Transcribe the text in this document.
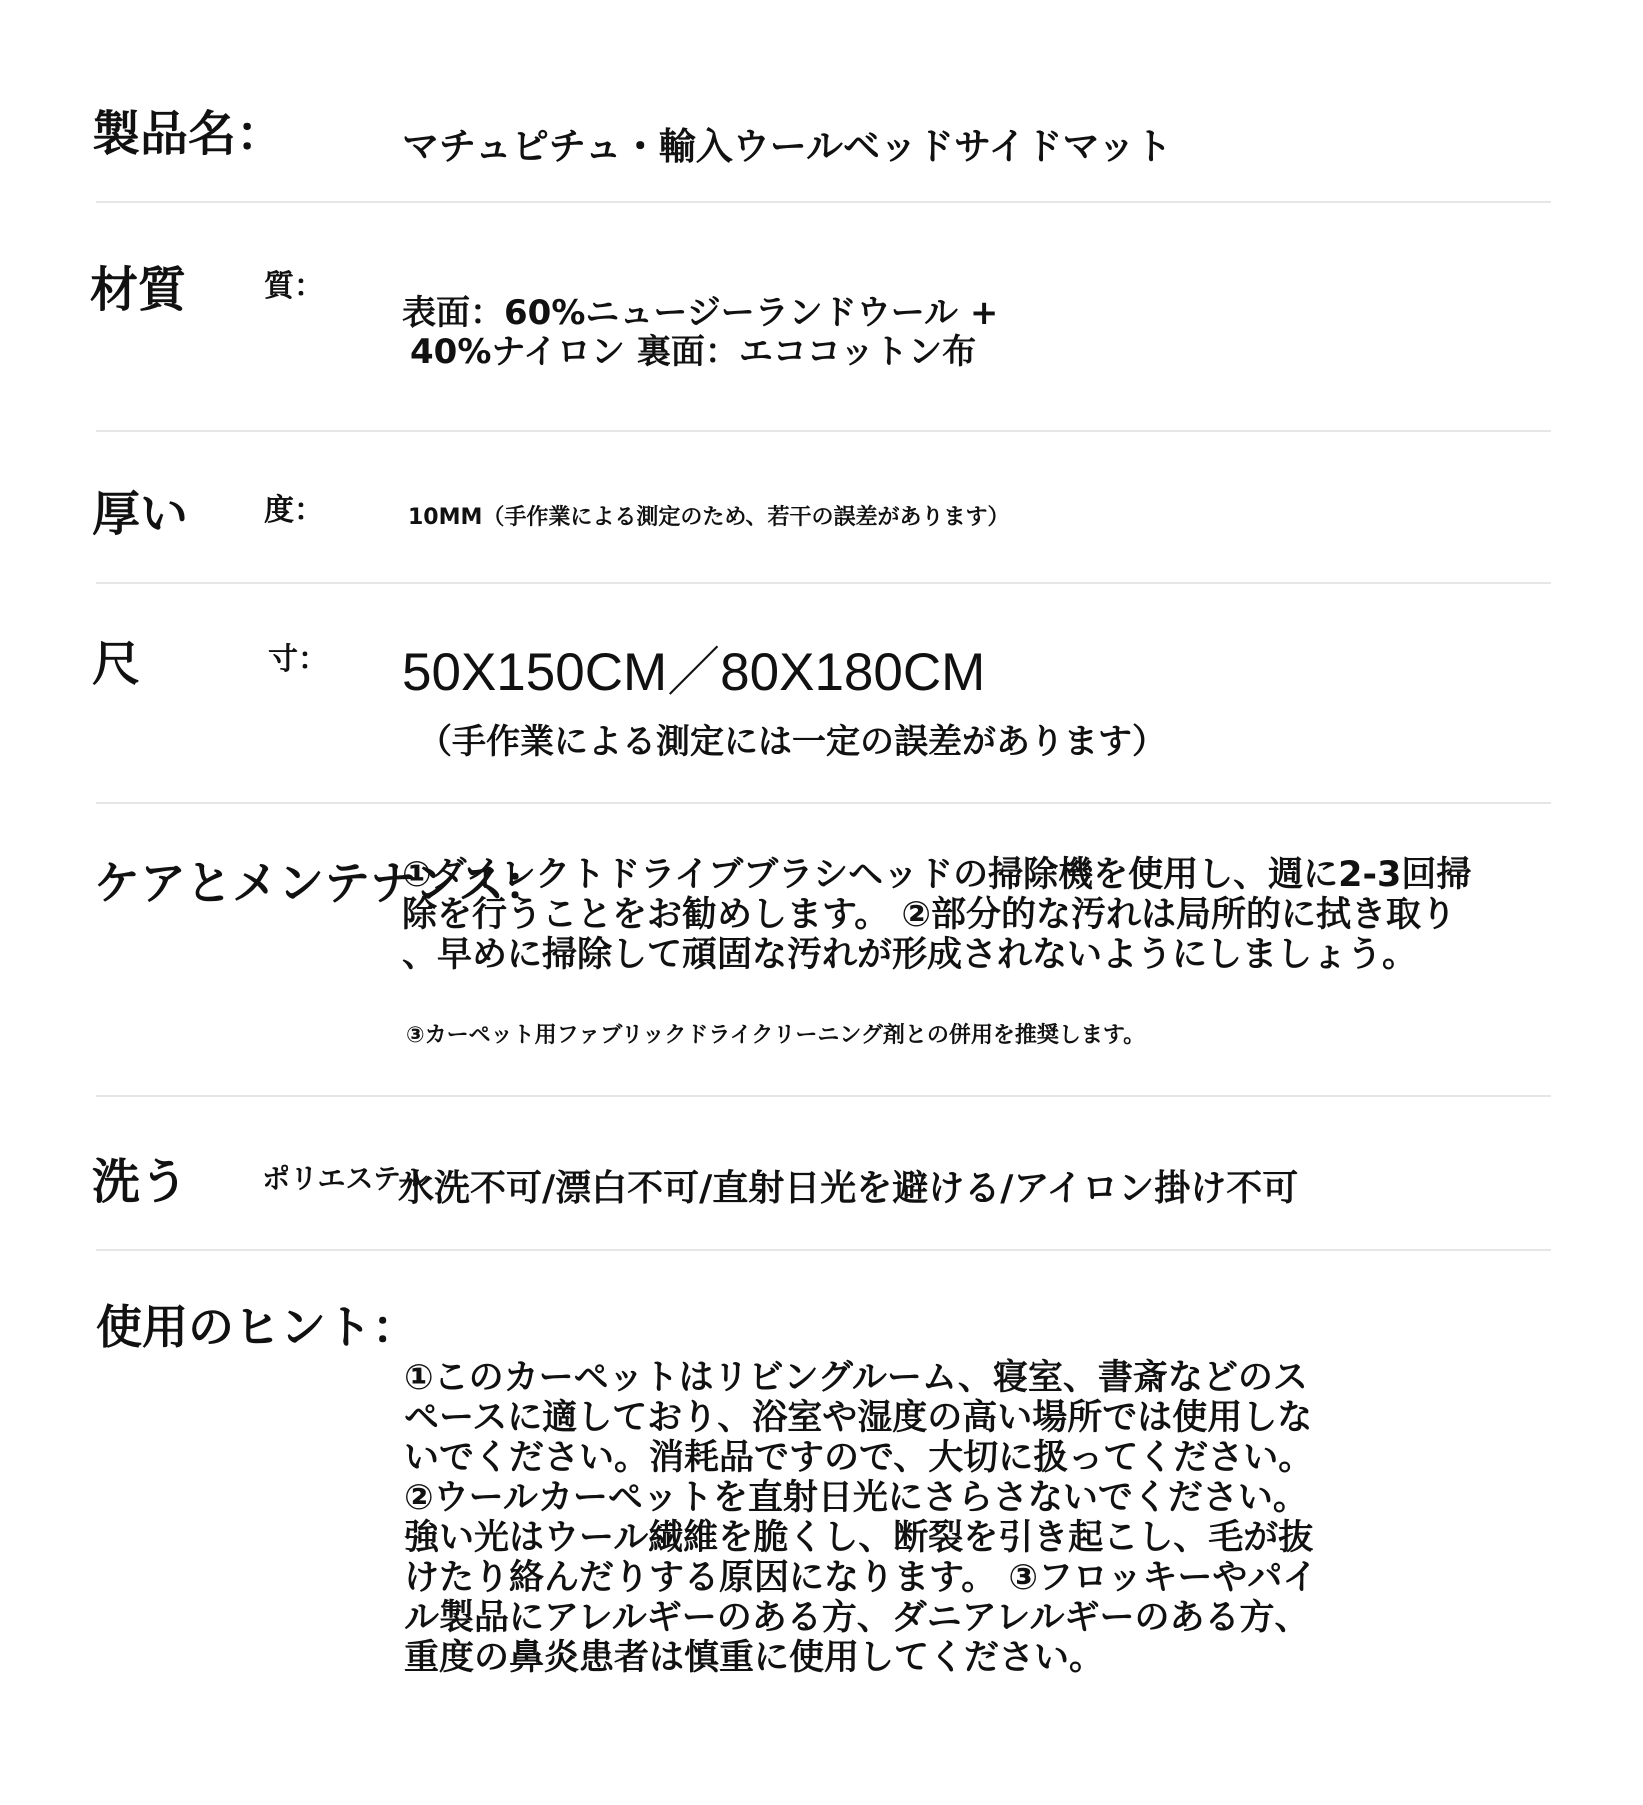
製品名：	マチュピチュ・輸入ウールベッドサイドマット
材質	質：
表面：60%ニュージーランドウール +
40%ナイロン 裏面：エココットン布
厚い	度：	10MM（手作業による測定のため、若干の誤差があります）
尺	寸： 50X150CM／80X180CM
（手作業による測定には一定の誤差があります）
ケアとメンテナンス：
①ダイレクトドライブブラシヘッドの掃除機を使用し、週に2-3回掃
除を行うことをお勧めします。 ②部分的な汚れは局所的に拭き取り
、早めに掃除して頑固な汚れが形成されないようにしましょう。
③カーペット用ファブリックドライクリーニング剤との併用を推奨します。
洗う	ポリエステル
水洗不可/漂白不可/直射日光を避ける/アイロン掛け不可
使用のヒント：
①このカーペットはリビングルーム、寝室、書斎などのス
ペースに適しており、浴室や湿度の高い場所では使用しな
いでください。消耗品ですので、大切に扱ってください。
②ウールカーペットを直射日光にさらさないでください。
強い光はウール繊維を脆くし、断裂を引き起こし、毛が抜
けたり絡んだりする原因になります。 ③フロッキーやパイ
ル製品にアレルギーのある方、ダニアレルギーのある方、
重度の鼻炎患者は慎重に使用してください。
